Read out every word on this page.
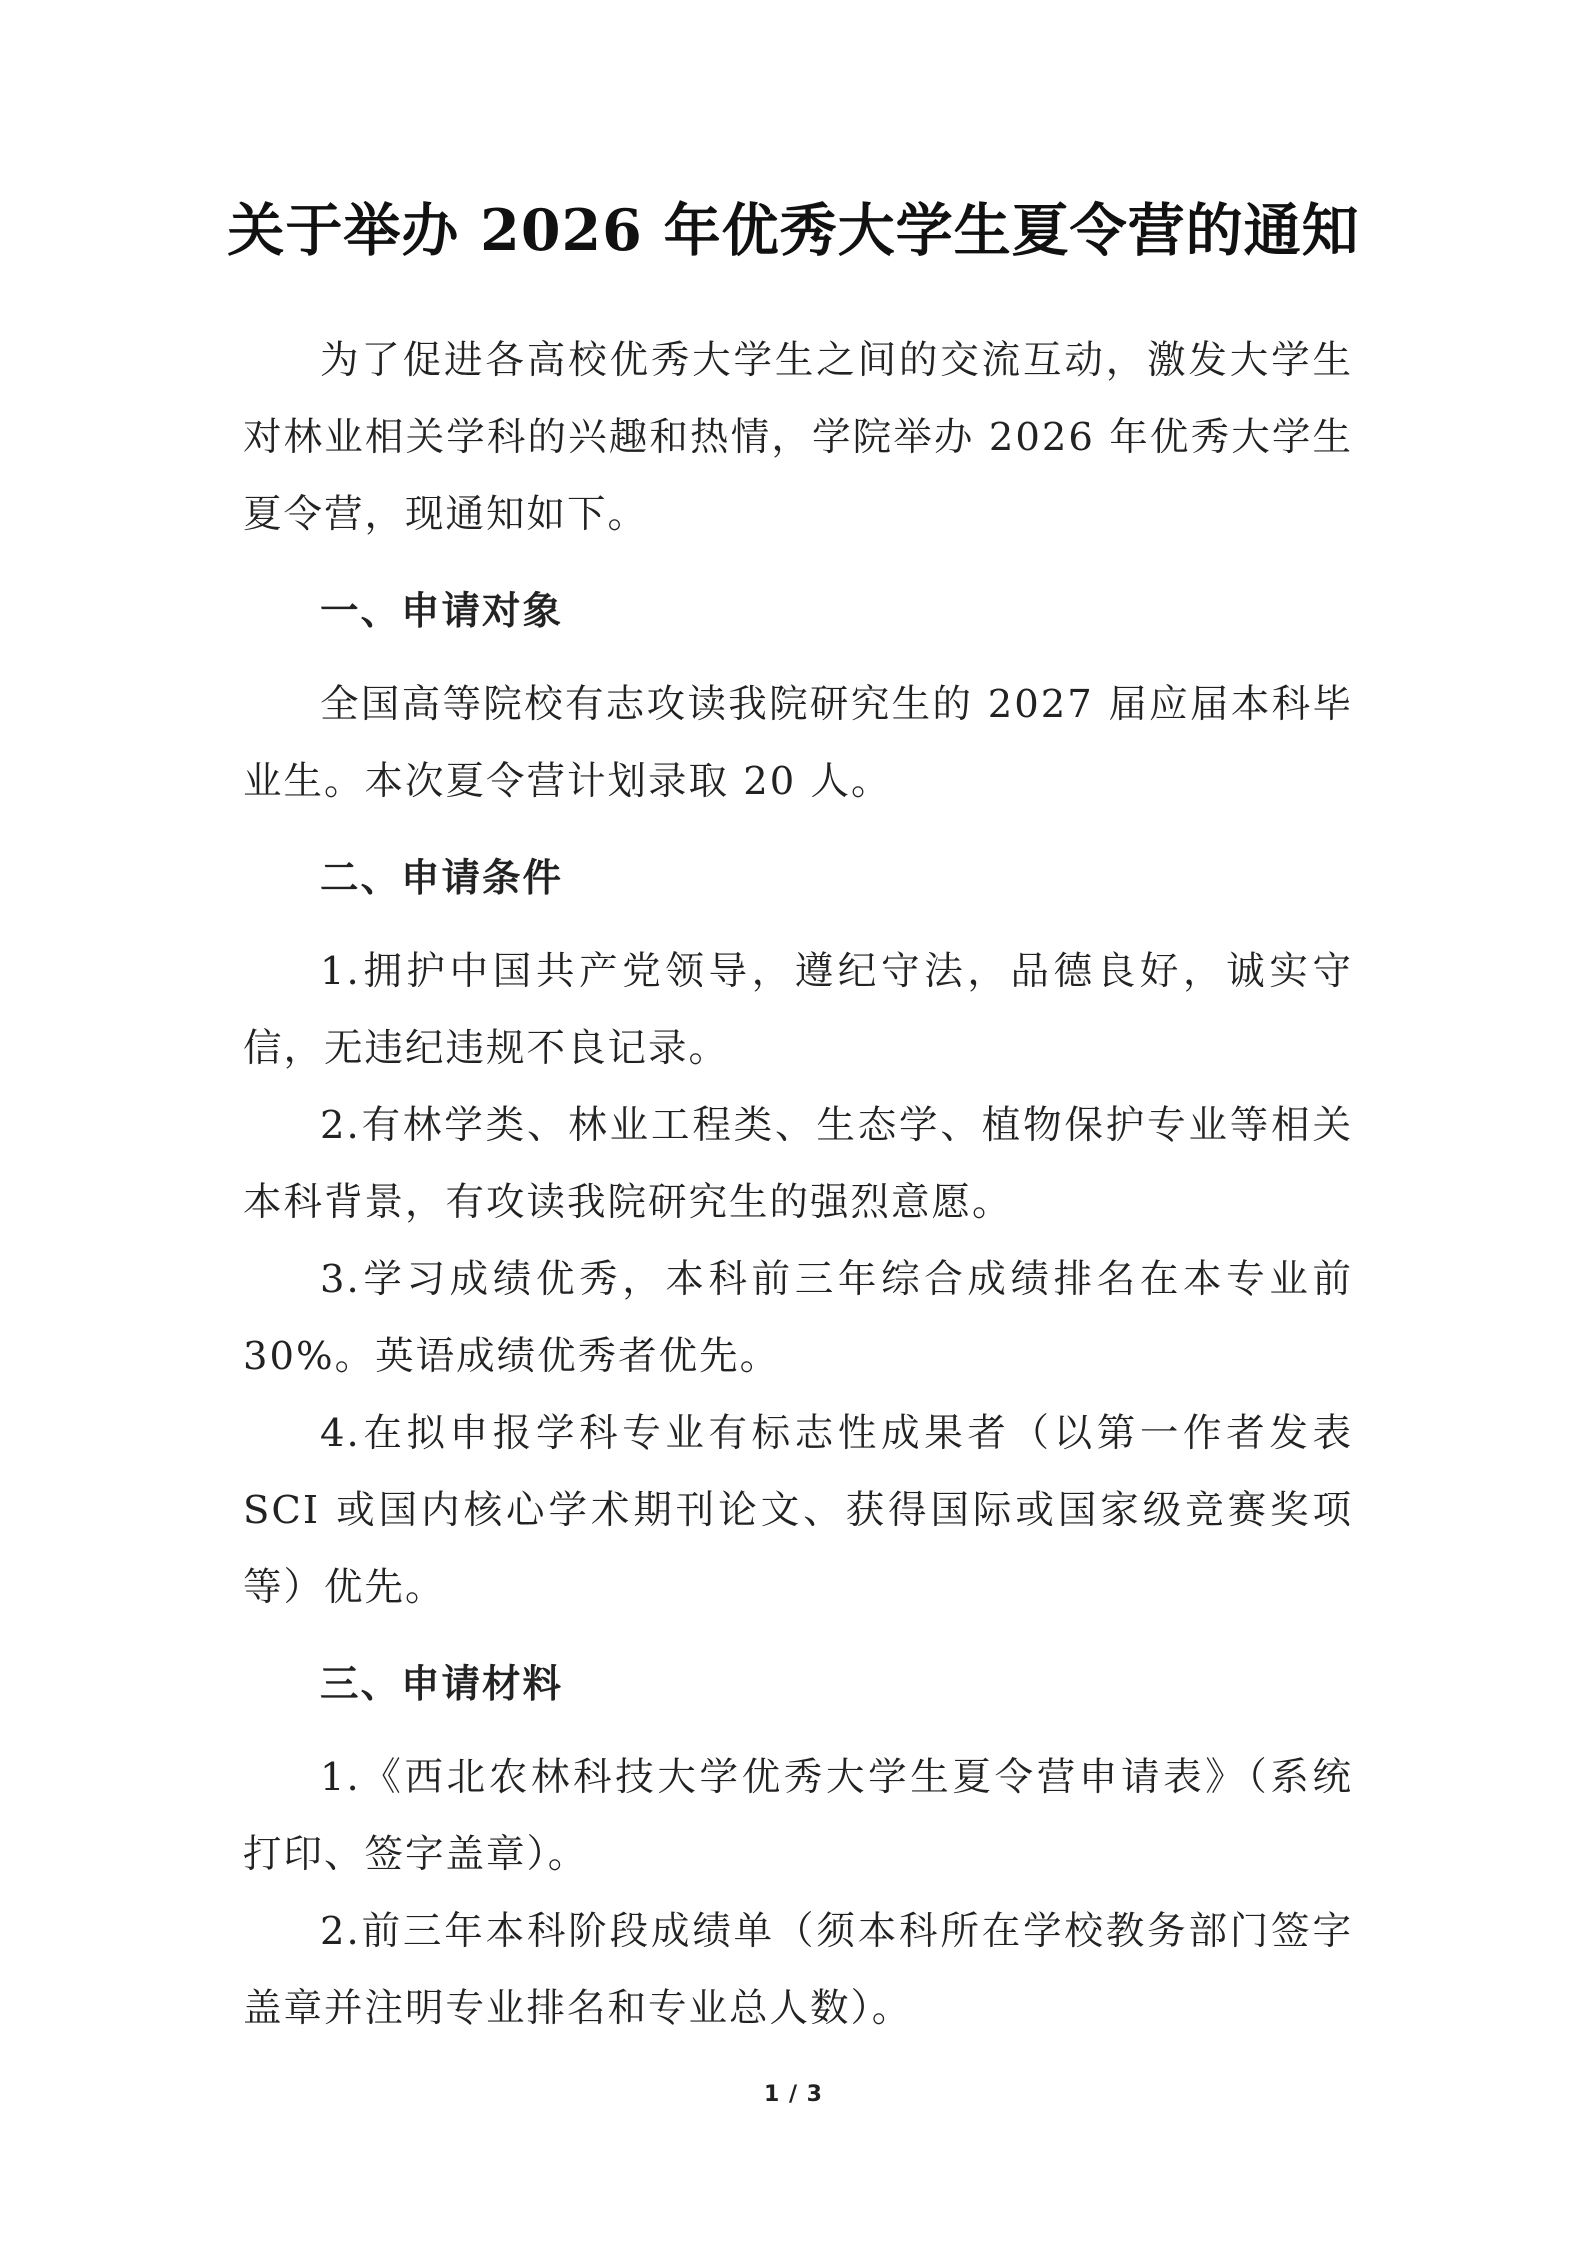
关于举办 2026 年优秀大学生夏令营的通知

为了促进各高校优秀大学生之间的交流互动，激发大学生对林业相关学科的兴趣和热情，学院举办 2026 年优秀大学生夏令营，现通知如下。

一、申请对象

全国高等院校有志攻读我院研究生的 2027 届应届本科毕业生。本次夏令营计划录取 20 人。

二、申请条件

1.拥护中国共产党领导，遵纪守法，品德良好，诚实守信，无违纪违规不良记录。

2.有林学类、林业工程类、生态学、植物保护专业等相关本科背景，有攻读我院研究生的强烈意愿。

3.学习成绩优秀，本科前三年综合成绩排名在本专业前 30%。英语成绩优秀者优先。

4.在拟申报学科专业有标志性成果者（以第一作者发表 SCI 或国内核心学术期刊论文、获得国际或国家级竞赛奖项等）优先。

三、申请材料

1.《西北农林科技大学优秀大学生夏令营申请表》（系统打印、签字盖章）。

2.前三年本科阶段成绩单（须本科所在学校教务部门签字盖章并注明专业排名和专业总人数）。

1 / 3
